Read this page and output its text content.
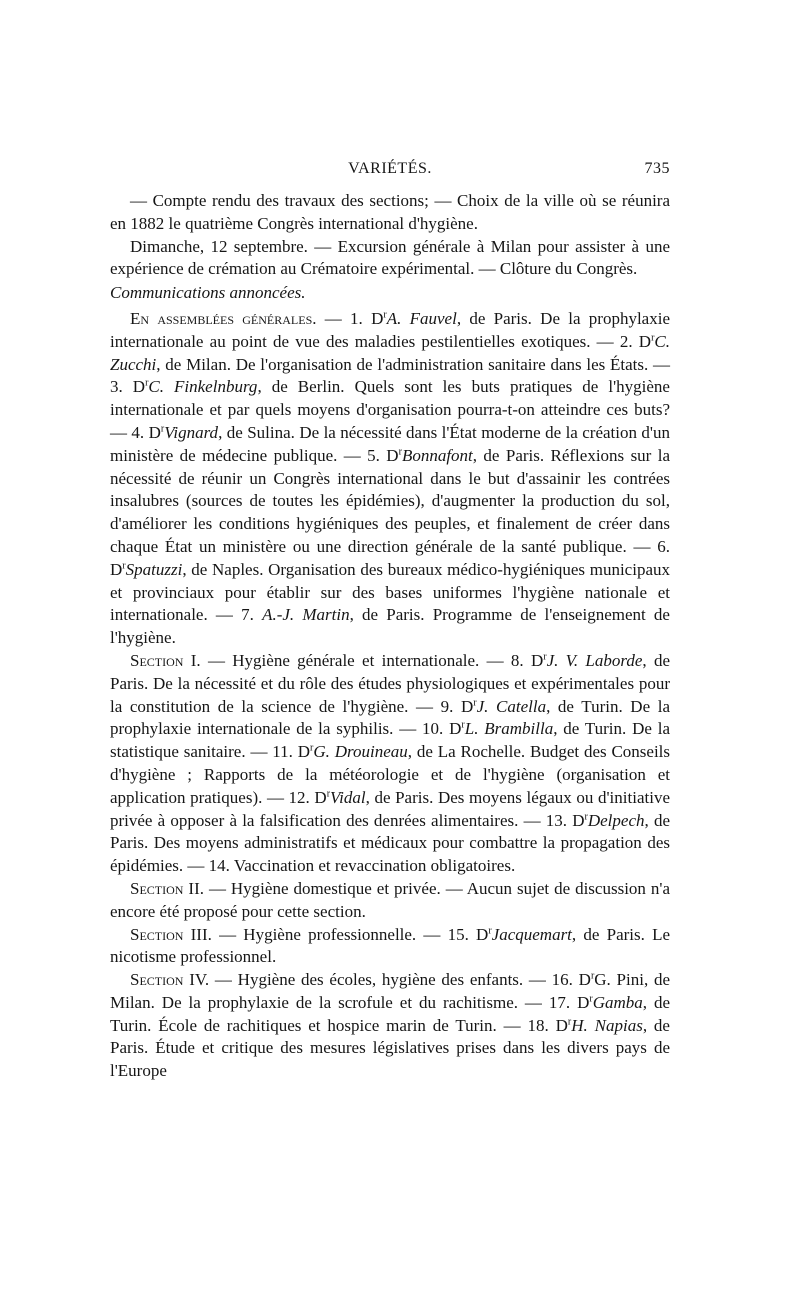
VARIÉTÉS.	735

— Compte rendu des travaux des sections; — Choix de la ville où se réunira en 1882 le quatrième Congrès international d'hygiène.

Dimanche, 12 septembre. — Excursion générale à Milan pour assister à une expérience de crémation au Crématoire expérimental. — Clôture du Congrès.

Communications annoncées.

En assemblées générales. — 1. $D^rA$. Fauvel, de Paris. De la prophylaxie internationale au point de vue des maladies pestilentielles exotiques. — 2. $D^rC$. Zucchi, de Milan. De l'organisation de l'administration sanitaire dans les États. — 3. $D^rC$. Finkelnburg, de Berlin. Quels sont les buts pratiques de l'hygiène internationale et par quels moyens d'organisation pourra-t-on atteindre ces buts? — 4. $D^rVignard$, de Sulina. De la nécessité dans l'État moderne de la création d'un ministère de médecine publique. — 5. $D^rBonnafont$, de Paris. Réflexions sur la nécessité de réunir un Congrès international dans le but d'assainir les contrées insalubres (sources de toutes les épidémies), d'augmenter la production du sol, d'améliorer les conditions hygiéniques des peuples, et finalement de créer dans chaque État un ministère ou une direction générale de la santé publique. — 6. $D^rSpatuzzi$, de Naples. Organisation des bureaux médico-hygiéniques municipaux et provinciaux pour établir sur des bases uniformes l'hygiène nationale et internationale. — 7. A.-J. Martin, de Paris. Programme de l'enseignement de l'hygiène.

Section I. — Hygiène générale et internationale. — 8. $D^rJ$. V. Laborde, de Paris. De la nécessité et du rôle des études physiologiques et expérimentales pour la constitution de la science de l'hygiène. — 9. $D^rJ$. Catella, de Turin. De la prophylaxie internationale de la syphilis. — 10. $D^rL$. Brambilla, de Turin. De la statistique sanitaire. — 11. $D^rG$. Drouineau, de La Rochelle. Budget des Conseils d'hygiène ; Rapports de la météorologie et de l'hygiène (organisation et application pratiques). — 12. $D^rVidal$, de Paris. Des moyens légaux ou d'initiative privée à opposer à la falsification des denrées alimentaires. — 13. $D^rDelpech$, de Paris. Des moyens administratifs et médicaux pour combattre la propagation des épidémies. — 14. Vaccination et revaccination obligatoires.

Section II. — Hygiène domestique et privée. — Aucun sujet de discussion n'a encore été proposé pour cette section.

Section III. — Hygiène professionnelle. — 15. $D^rJacquemart$, de Paris. Le nicotisme professionnel.

Section IV. — Hygiène des écoles, hygiène des enfants. — 16. $D^rG$. Pini, de Milan. De la prophylaxie de la scrofule et du rachitisme. — 17. $D^rGamba$, de Turin. École de rachitiques et hospice marin de Turin. — 18. $D^rH$. Napias, de Paris. Étude et critique des mesures législatives prises dans les divers pays de l'Europe
